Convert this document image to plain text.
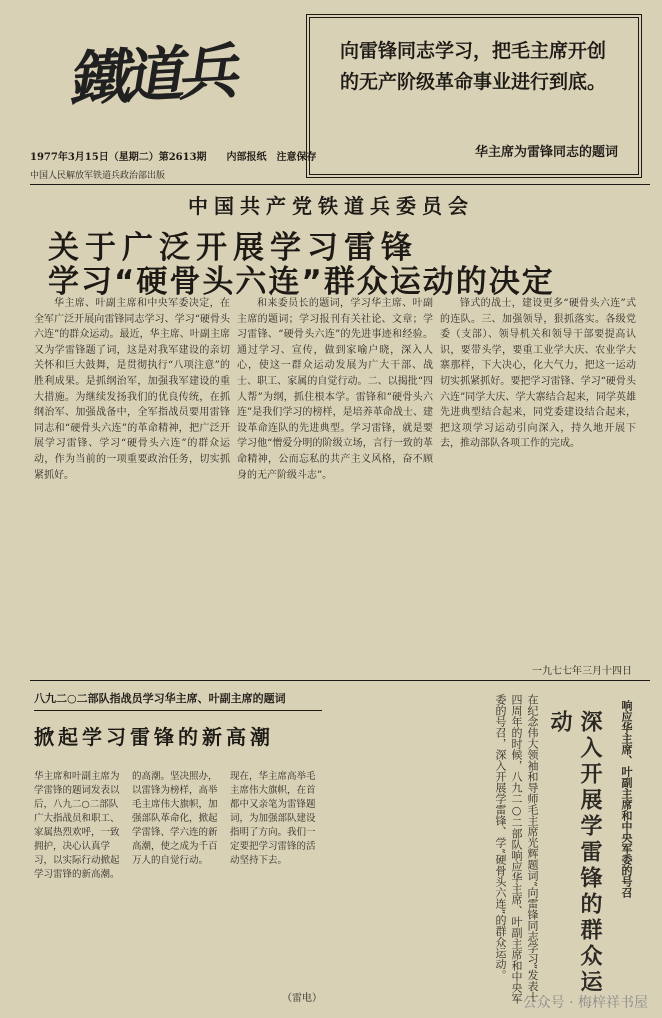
鐵道兵
1977年3月15日（星期二）第2613期　　内部报纸　注意保存
中国人民解放军铁道兵政治部出版
向雷锋同志学习，把毛主席开创的无产阶级革命事业进行到底。
华主席为雷锋同志的题词
中国共产党铁道兵委员会
关于广泛开展学习雷锋
学习“硬骨头六连”群众运动的决定
华主席、叶副主席和中央军委决定，在全军广泛开展向雷锋同志学习、学习“硬骨头六连”的群众运动。最近，华主席、叶副主席又为学雷锋题了词，这是对我军建设的亲切关怀和巨大鼓舞，是贯彻执行“八项注意”的胜利成果。是抓纲治军，加强我军建设的重大措施。为继续发扬我们的优良传统，在抓纲治军、加强战备中，全军指战员要用雷锋同志和“硬骨头六连”的革命精神，把广泛开展学习雷锋、学习“硬骨头六连”的群众运动，作为当前的一项重要政治任务，切实抓紧抓好。
和来委员长的题词，学习华主席、叶副主席的题词；学习报刊有关社论、文章；学习雷锋、“硬骨头六连”的先进事迹和经验。通过学习、宣传，做到家喻户晓，深入人心，使这一群众运动发展为广大干部、战士、职工、家属的自觉行动。二、以揭批“四人帮”为纲，抓住根本学。雷锋和“硬骨头六连”是我们学习的榜样，是培养革命战士、建设革命连队的先进典型。学习雷锋，就是要学习他“憎爱分明的阶级立场，言行一致的革命精神，公而忘私的共产主义风格，奋不顾身的无产阶级斗志”。
锋式的战士，建设更多“硬骨头六连”式的连队。三、加强领导，狠抓落实。各级党委（支部）、领导机关和领导干部要提高认识，要带头学，要重工业学大庆、农业学大寨那样，下大决心，化大气力，把这一运动切实抓紧抓好。要把学习雷锋、学习“硬骨头六连”同学大庆、学大寨结合起来，同学英雄先进典型结合起来，同党委建设结合起来，把这项学习运动引向深入，持久地开展下去，推动部队各项工作的完成。
一九七七年三月十四日
八九二○二部队指战员学习华主席、叶副主席的题词
掀起学习雷锋的新高潮
华主席和叶副主席为学雷锋的题词发表以后，八九二○二部队广大指战员和职工、家属热烈欢呼，一致拥护，决心认真学习，以实际行动掀起学习雷锋的新高潮。
的高潮。坚决照办，以雷锋为榜样，高举毛主席伟大旗帜，加强部队革命化，掀起学雷锋、学六连的新高潮，使之成为千百万人的自觉行动。
现在，华主席高举毛主席伟大旗帜，在首都中又亲笔为雷锋题词，为加强部队建设指明了方向。我们一定要把学习雷锋的活动坚持下去。
（雷电）	在纪念伟大领袖和导师毛主席光辉题词“向雷锋同志学习”发表十四周年的时候，八九二○二部队响应华主席、叶副主席和中央军委的号召，深入开展学雷锋、学“硬骨头六连”的群众运动。	深入开展学雷锋的群众运动	响应华主席、叶副主席和中央军委的号召
公众号 · 梅梓祥书屋
